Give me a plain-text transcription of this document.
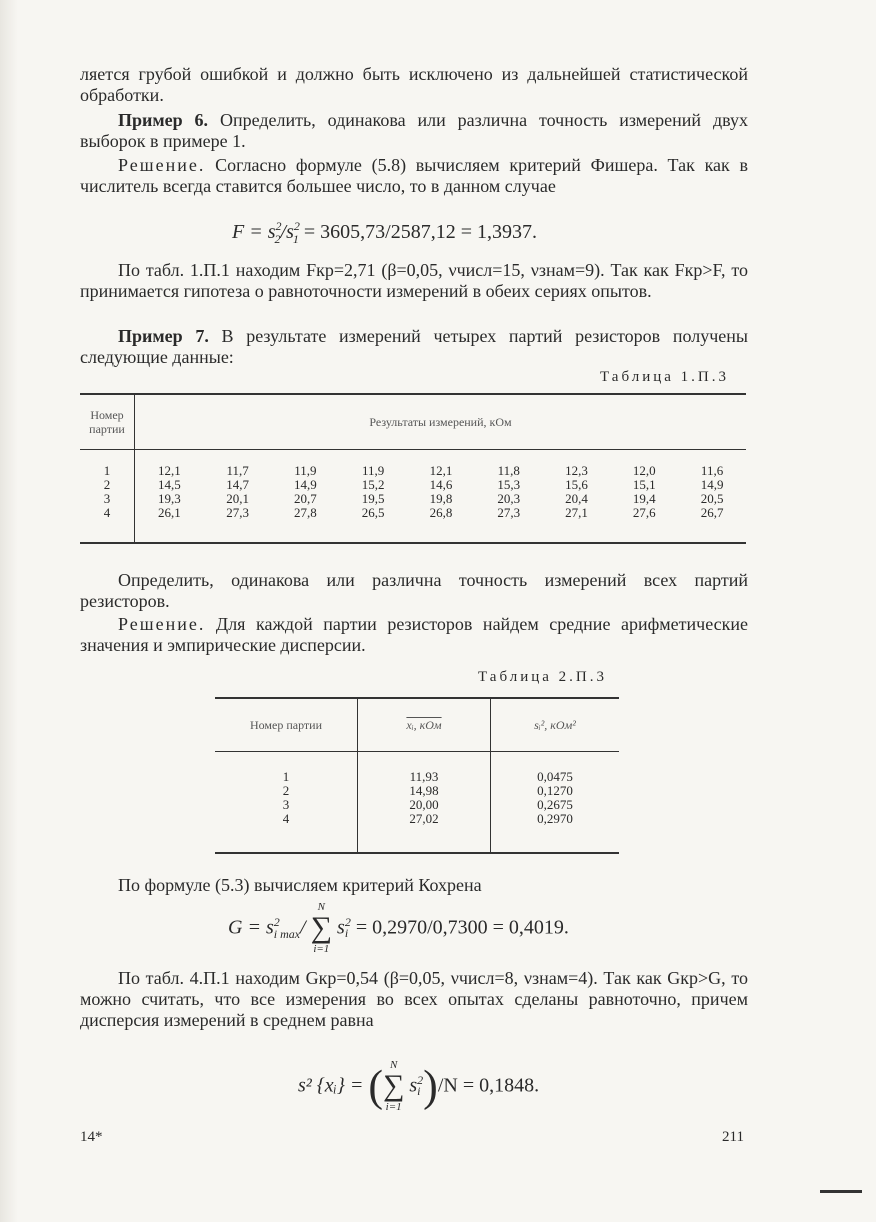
ляется грубой ошибкой и должно быть исключено из дальнейшей статистической обработки.

Пример 6. Определить, одинакова или различна точность измерений двух выборок в примере 1.

Решение. Согласно формуле (5.8) вычисляем критерий Фишера. Так как в числитель всегда ставится большее число, то в данном случае

$F = s^2_2/s^2_1 = 3605,73/2587,12 = 1,3937$.

По табл. 1.П.1 находим Fкр=2,71 (β=0,05, νчисл=15, νзнам=9). Так как Fкр>F, то принимается гипотеза о равноточности измерений в обеих сериях опытов.

Пример 7. В результате измерений четырех партий резисторов получены следующие данные:

Таблица 1.П.3
Номер партии	Результаты измерений, кОм								
1	12,1	11,7	11,9	11,9	12,1	11,8	12,3	12,0	11,6
2	14,5	14,7	14,9	15,2	14,6	15,3	15,6	15,1	14,9
3	19,3	20,1	20,7	19,5	19,8	20,3	20,4	19,4	20,5
4	26,1	27,3	27,8	26,5	26,8	27,3	27,1	27,6	26,7

Определить, одинакова или различна точность измерений всех партий резисторов.

Решение. Для каждой партии резисторов найдем средние арифметические значения и эмпирические дисперсии.

Таблица 2.П.3
Номер партии	xᵢ, кОм	sᵢ², кОм²
1	11,93	0,0475
2	14,98	0,1270
3	20,00	0,2675
4	27,02	0,2970

По формуле (5.3) вычисляем критерий Кохрена

G = s 2
i max /
N
∑
i=1
s 2
i = 0,2970/0,7300 = 0,4019.

По табл. 4.П.1 находим Gкр=0,54 (β=0,05, νчисл=8, νзнам=4). Так как Gкр>G, то можно считать, что все измерения во всех опытах сделаны равноточно, причем дисперсия измерений в среднем равна

s² {xᵢ} = ( N
∑
i=1
s 2
i )/N = 0,1848.
14*	211
